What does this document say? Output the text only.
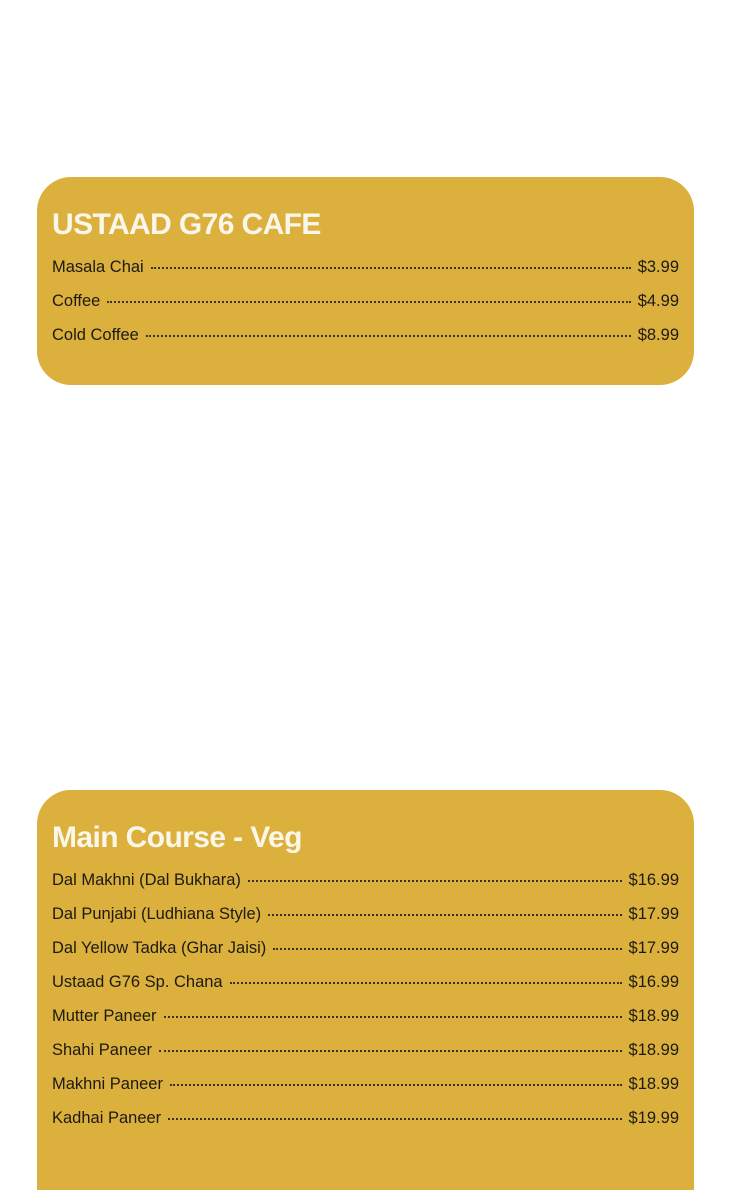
USTAAD G76 CAFE
Masala Chai	$3.99
Coffee	$4.99
Cold Coffee	$8.99
Main Course - Veg
Dal Makhni (Dal Bukhara)	$16.99
Dal Punjabi (Ludhiana Style)	$17.99
Dal Yellow Tadka (Ghar Jaisi)	$17.99
Ustaad G76 Sp. Chana	$16.99
Mutter Paneer	$18.99
Shahi Paneer	$18.99
Makhni Paneer	$18.99
Kadhai Paneer	$19.99
